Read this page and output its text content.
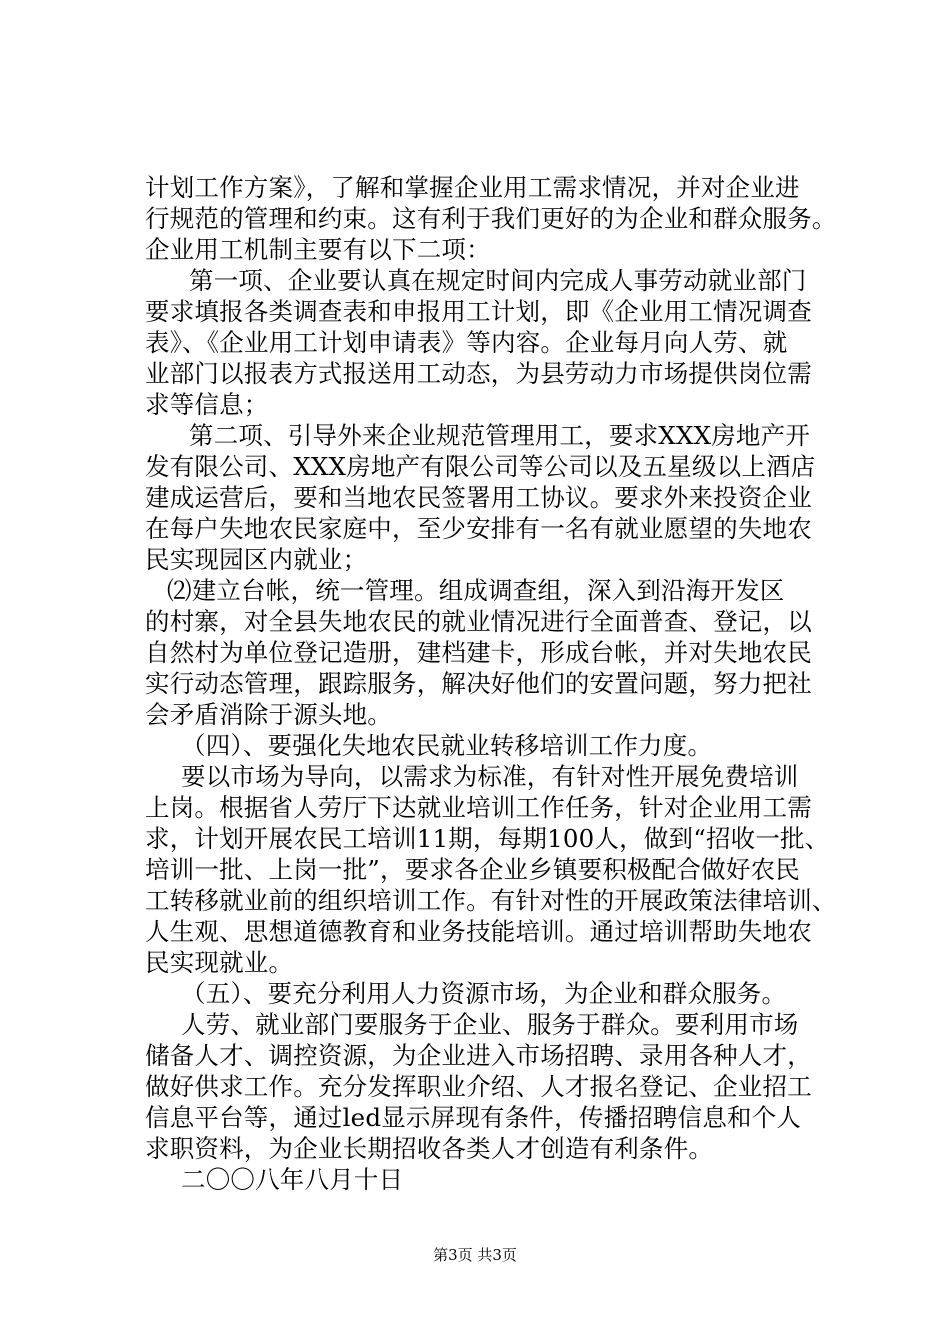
计划工作方案》，了解和掌握企业用工需求情况，并对企业进
行规范的管理和约束。这有利于我们更好的为企业和群众服务。
企业用工机制主要有以下二项：
第一项、企业要认真在规定时间内完成人事劳动就业部门
要求填报各类调查表和申报用工计划，即《企业用工情况调查
表》、《企业用工计划申请表》等内容。企业每月向人劳、就
业部门以报表方式报送用工动态，为县劳动力市场提供岗位需
求等信息；
第二项、引导外来企业规范管理用工，要求XXX房地产开
发有限公司、XXX房地产有限公司等公司以及五星级以上酒店
建成运营后，要和当地农民签署用工协议。要求外来投资企业
在每户失地农民家庭中，至少安排有一名有就业愿望的失地农
民实现园区内就业；
⑵建立台帐，统一管理。组成调查组，深入到沿海开发区
的村寨，对全县失地农民的就业情况进行全面普查、登记，以
自然村为单位登记造册，建档建卡，形成台帐，并对失地农民
实行动态管理，跟踪服务，解决好他们的安置问题，努力把社
会矛盾消除于源头地。
（四）、要强化失地农民就业转移培训工作力度。
要以市场为导向，以需求为标准，有针对性开展免费培训
上岗。根据省人劳厅下达就业培训工作任务，针对企业用工需
求，计划开展农民工培训11期，每期100人，做到“招收一批、
培训一批、上岗一批”，要求各企业乡镇要积极配合做好农民
工转移就业前的组织培训工作。有针对性的开展政策法律培训、
人生观、思想道德教育和业务技能培训。通过培训帮助失地农
民实现就业。
（五）、要充分利用人力资源市场，为企业和群众服务。
人劳、就业部门要服务于企业、服务于群众。要利用市场
储备人才、调控资源，为企业进入市场招聘、录用各种人才，
做好供求工作。充分发挥职业介绍、人才报名登记、企业招工
信息平台等，通过led显示屏现有条件，传播招聘信息和个人
求职资料，为企业长期招收各类人才创造有利条件。
二〇〇八年八月十日
第3页 共3页
